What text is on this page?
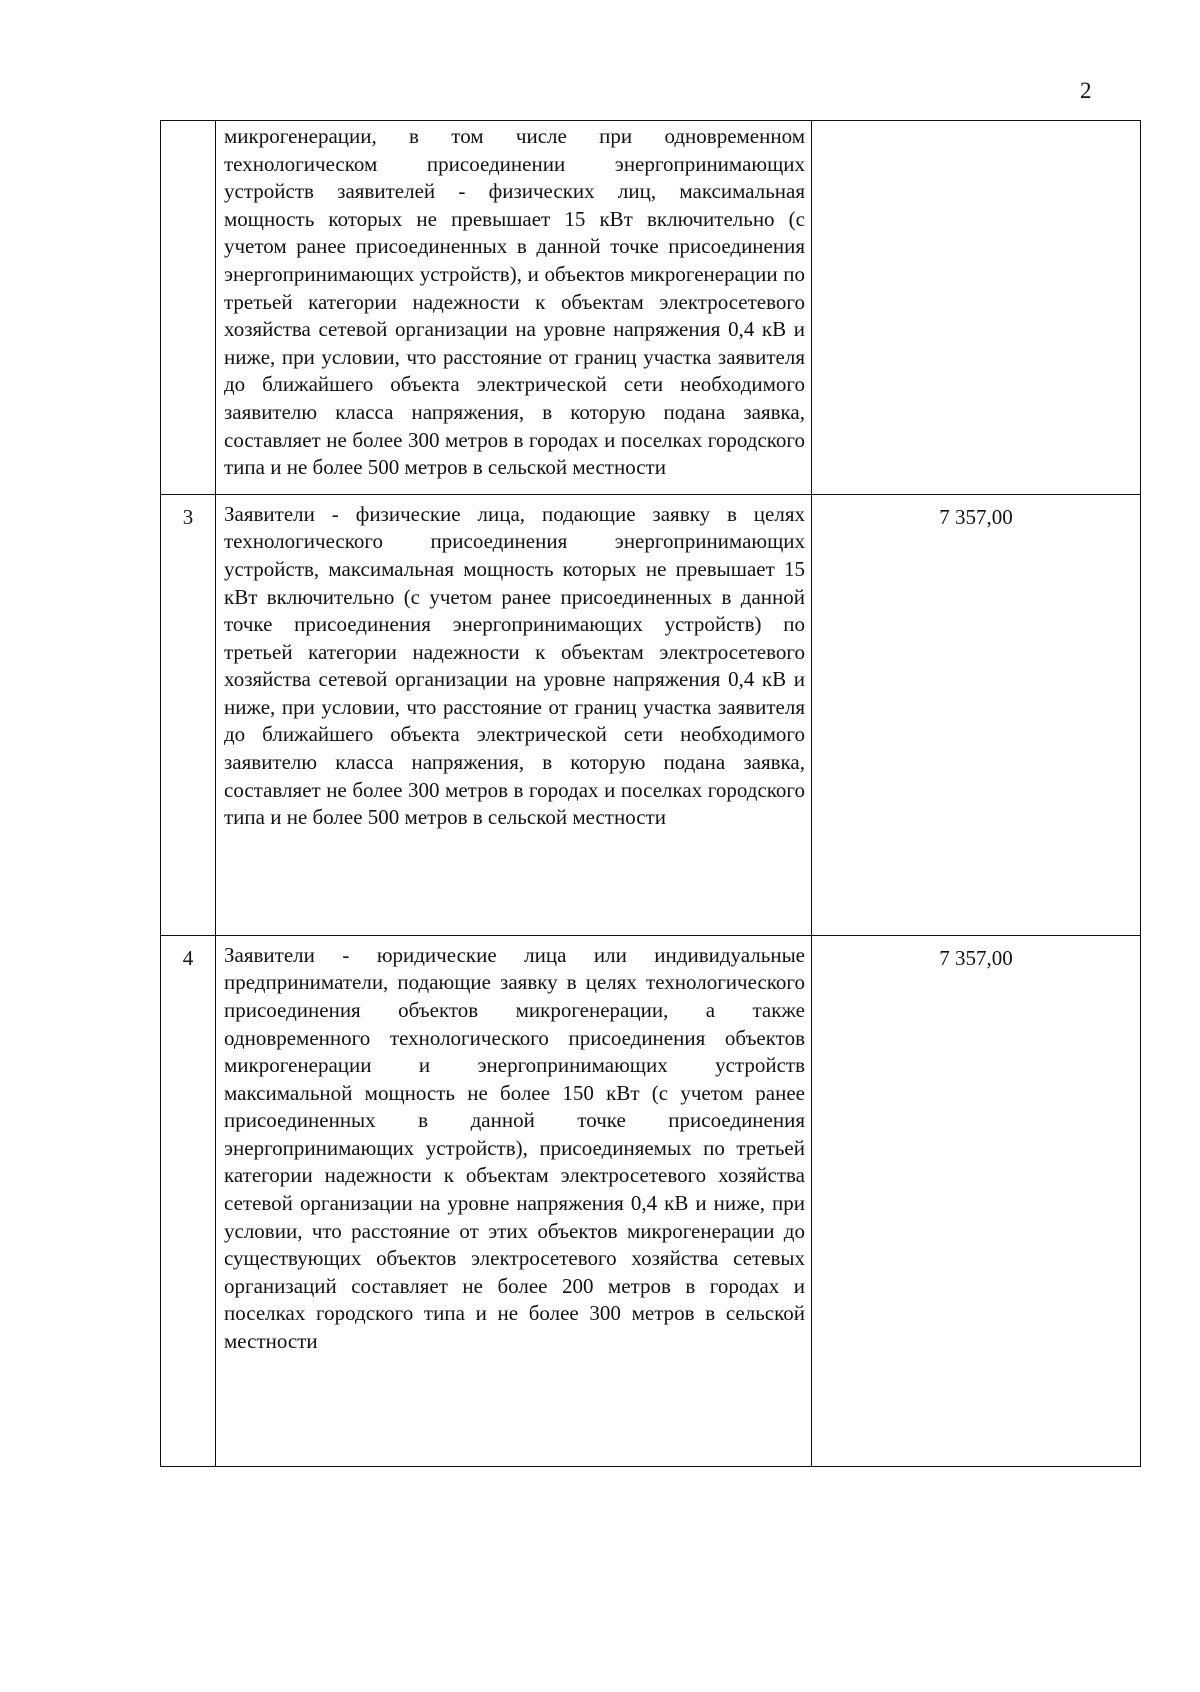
2

	микрогенерации, в том числе при одновременном технологическом присоединении энергопринимающих устройств заявителей - физических лиц, максимальная мощность которых не превышает 15 кВт включительно (с учетом ранее присоединенных в данной точке присоединения энергопринимающих устройств), и объектов микрогенерации по третьей категории надежности к объектам электросетевого хозяйства сетевой организации на уровне напряжения 0,4 кВ и ниже, при условии, что расстояние от границ участка заявителя до ближайшего объекта электрической сети необходимого заявителю класса напряжения, в которую подана заявка, составляет не более 300 метров в городах и поселках городского типа и не более 500 метров в сельской местности	

3	Заявители - физические лица, подающие заявку в целях технологического присоединения энергопринимающих устройств, максимальная мощность которых не превышает 15 кВт включительно (с учетом ранее присоединенных в данной точке присоединения энергопринимающих устройств) по третьей категории надежности к объектам электросетевого хозяйства сетевой организации на уровне напряжения 0,4 кВ и ниже, при условии, что расстояние от границ участка заявителя до ближайшего объекта электрической сети необходимого заявителю класса напряжения, в которую подана заявка, составляет не более 300 метров в городах и поселках городского типа и не более 500 метров в сельской местности	7 357,00
4	Заявители - юридические лица или индивидуальные предприниматели, подающие заявку в целях технологического присоединения объектов микрогенерации, а также одновременного технологического присоединения объектов микрогенерации и энергопринимающих устройств максимальной мощность не более 150 кВт (с учетом ранее присоединенных в данной точке присоединения энергопринимающих устройств), присоединяемых по третьей категории надежности к объектам электросетевого хозяйства сетевой организации на уровне напряжения 0,4 кВ и ниже, при условии, что расстояние от этих объектов микрогенерации до существующих объектов электросетевого хозяйства сетевых организаций составляет не более 200 метров в городах и поселках городского типа и не более 300 метров в сельской местности	7 357,00
